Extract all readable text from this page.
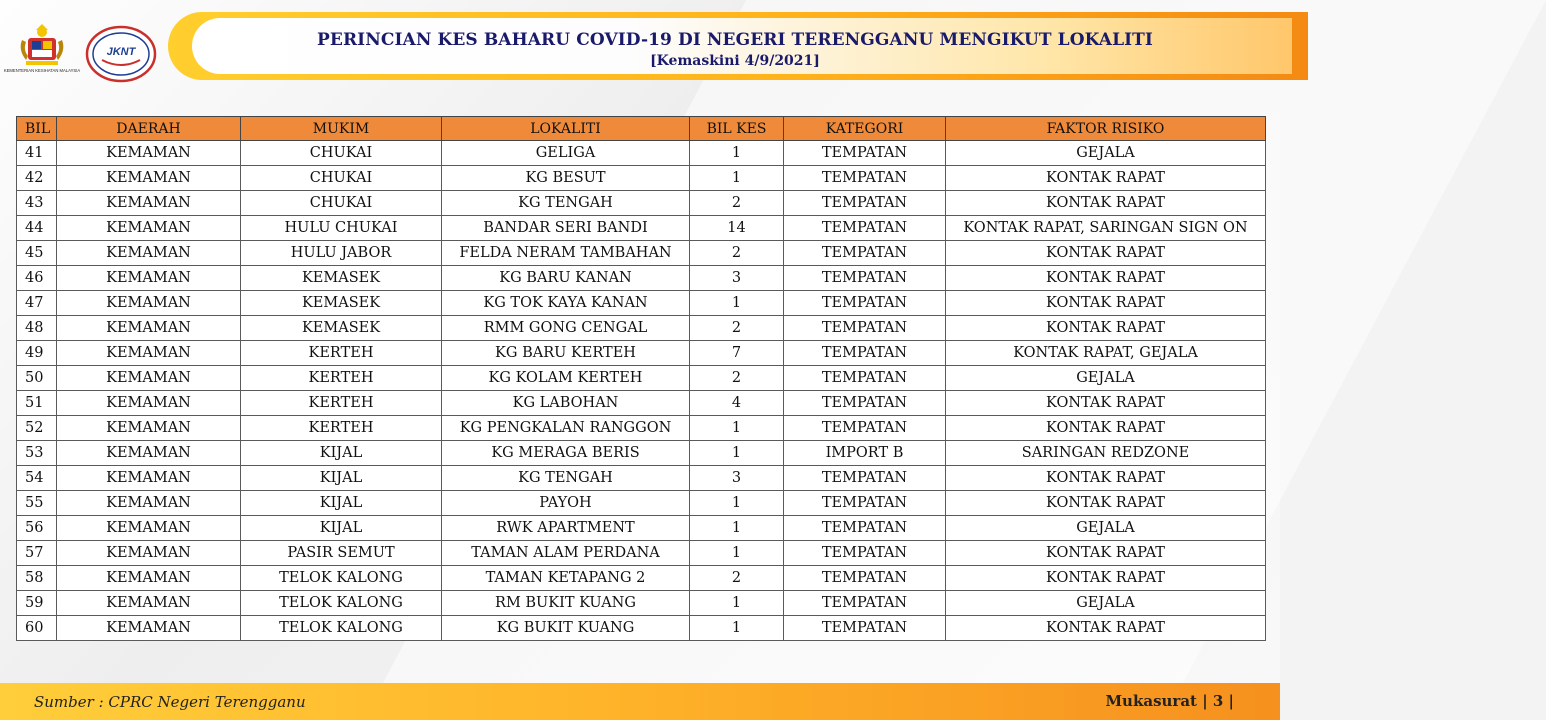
KEMENTERIAN KESIHATAN MALAYSIA
JKNT
PERINCIAN KES BAHARU COVID-19 DI NEGERI TERENGGANU MENGIKUT LOKALITI
[Kemaskini 4/9/2021]
BIL	DAERAH	MUKIM	LOKALITI	BIL KES	KATEGORI	FAKTOR RISIKO
41	KEMAMAN	CHUKAI	GELIGA	1	TEMPATAN	GEJALA
42	KEMAMAN	CHUKAI	KG BESUT	1	TEMPATAN	KONTAK RAPAT
43	KEMAMAN	CHUKAI	KG TENGAH	2	TEMPATAN	KONTAK RAPAT
44	KEMAMAN	HULU CHUKAI	BANDAR SERI BANDI	14	TEMPATAN	KONTAK RAPAT, SARINGAN SIGN ON
45	KEMAMAN	HULU JABOR	FELDA NERAM TAMBAHAN	2	TEMPATAN	KONTAK RAPAT
46	KEMAMAN	KEMASEK	KG BARU KANAN	3	TEMPATAN	KONTAK RAPAT
47	KEMAMAN	KEMASEK	KG TOK KAYA KANAN	1	TEMPATAN	KONTAK RAPAT
48	KEMAMAN	KEMASEK	RMM GONG CENGAL	2	TEMPATAN	KONTAK RAPAT
49	KEMAMAN	KERTEH	KG BARU KERTEH	7	TEMPATAN	KONTAK RAPAT, GEJALA
50	KEMAMAN	KERTEH	KG KOLAM KERTEH	2	TEMPATAN	GEJALA
51	KEMAMAN	KERTEH	KG LABOHAN	4	TEMPATAN	KONTAK RAPAT
52	KEMAMAN	KERTEH	KG PENGKALAN RANGGON	1	TEMPATAN	KONTAK RAPAT
53	KEMAMAN	KIJAL	KG MERAGA BERIS	1	IMPORT B	SARINGAN REDZONE
54	KEMAMAN	KIJAL	KG TENGAH	3	TEMPATAN	KONTAK RAPAT
55	KEMAMAN	KIJAL	PAYOH	1	TEMPATAN	KONTAK RAPAT
56	KEMAMAN	KIJAL	RWK APARTMENT	1	TEMPATAN	GEJALA
57	KEMAMAN	PASIR SEMUT	TAMAN ALAM PERDANA	1	TEMPATAN	KONTAK RAPAT
58	KEMAMAN	TELOK KALONG	TAMAN KETAPANG 2	2	TEMPATAN	KONTAK RAPAT
59	KEMAMAN	TELOK KALONG	RM BUKIT KUANG	1	TEMPATAN	GEJALA
60	KEMAMAN	TELOK KALONG	KG BUKIT KUANG	1	TEMPATAN	KONTAK RAPAT
Sumber : CPRC Negeri Terengganu	Mukasurat | 3 |
